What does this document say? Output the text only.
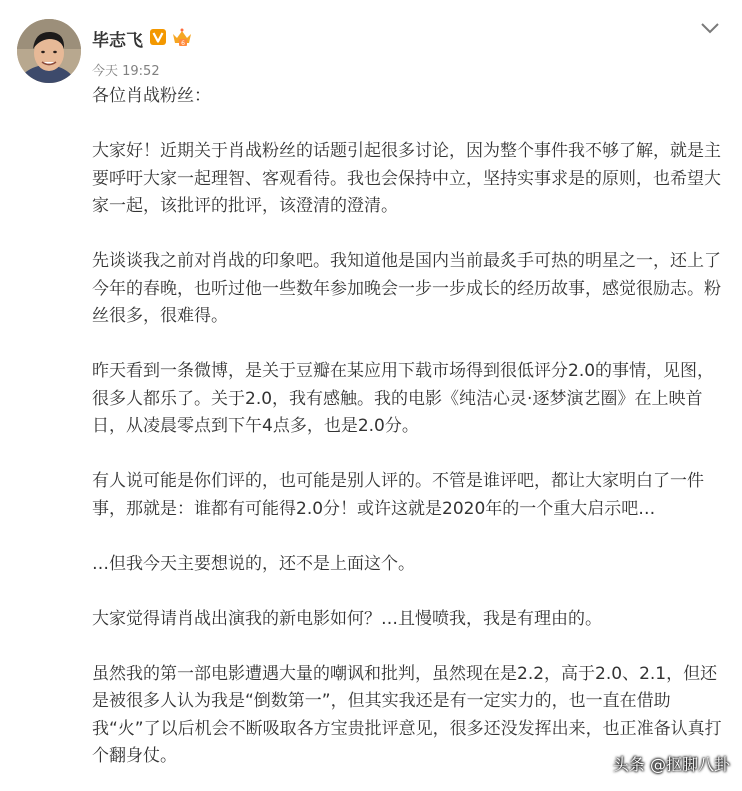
毕志飞	6
今天 19:52

各位肖战粉丝：

大家好！近期关于肖战粉丝的话题引起很多讨论，因为整个事件我不够了解，就是主要呼吁大家一起理智、客观看待。我也会保持中立，坚持实事求是的原则，也希望大家一起，该批评的批评，该澄清的澄清。

先谈谈我之前对肖战的印象吧。我知道他是国内当前最炙手可热的明星之一，还上了今年的春晚，也听过他一些数年参加晚会一步一步成长的经历故事，感觉很励志。粉丝很多，很难得。

昨天看到一条微博，是关于豆瓣在某应用下载市场得到很低评分2.0的事情，见图，很多人都乐了。关于2.0，我有感触。我的电影《纯洁心灵·逐梦演艺圈》在上映首日，从凌晨零点到下午4点多，也是2.0分。

有人说可能是你们评的，也可能是别人评的。不管是谁评吧，都让大家明白了一件事，那就是：谁都有可能得2.0分！或许这就是2020年的一个重大启示吧…

…但我今天主要想说的，还不是上面这个。

大家觉得请肖战出演我的新电影如何？…且慢喷我，我是有理由的。

虽然我的第一部电影遭遇大量的嘲讽和批判，虽然现在是2.2，高于2.0、2.1，但还是被很多人认为我是“倒数第一”，但其实我还是有一定实力的，也一直在借助我“火”了以后机会不断吸取各方宝贵批评意见，很多还没发挥出来，也正准备认真打个翻身仗。	头条 @抠脚八卦
